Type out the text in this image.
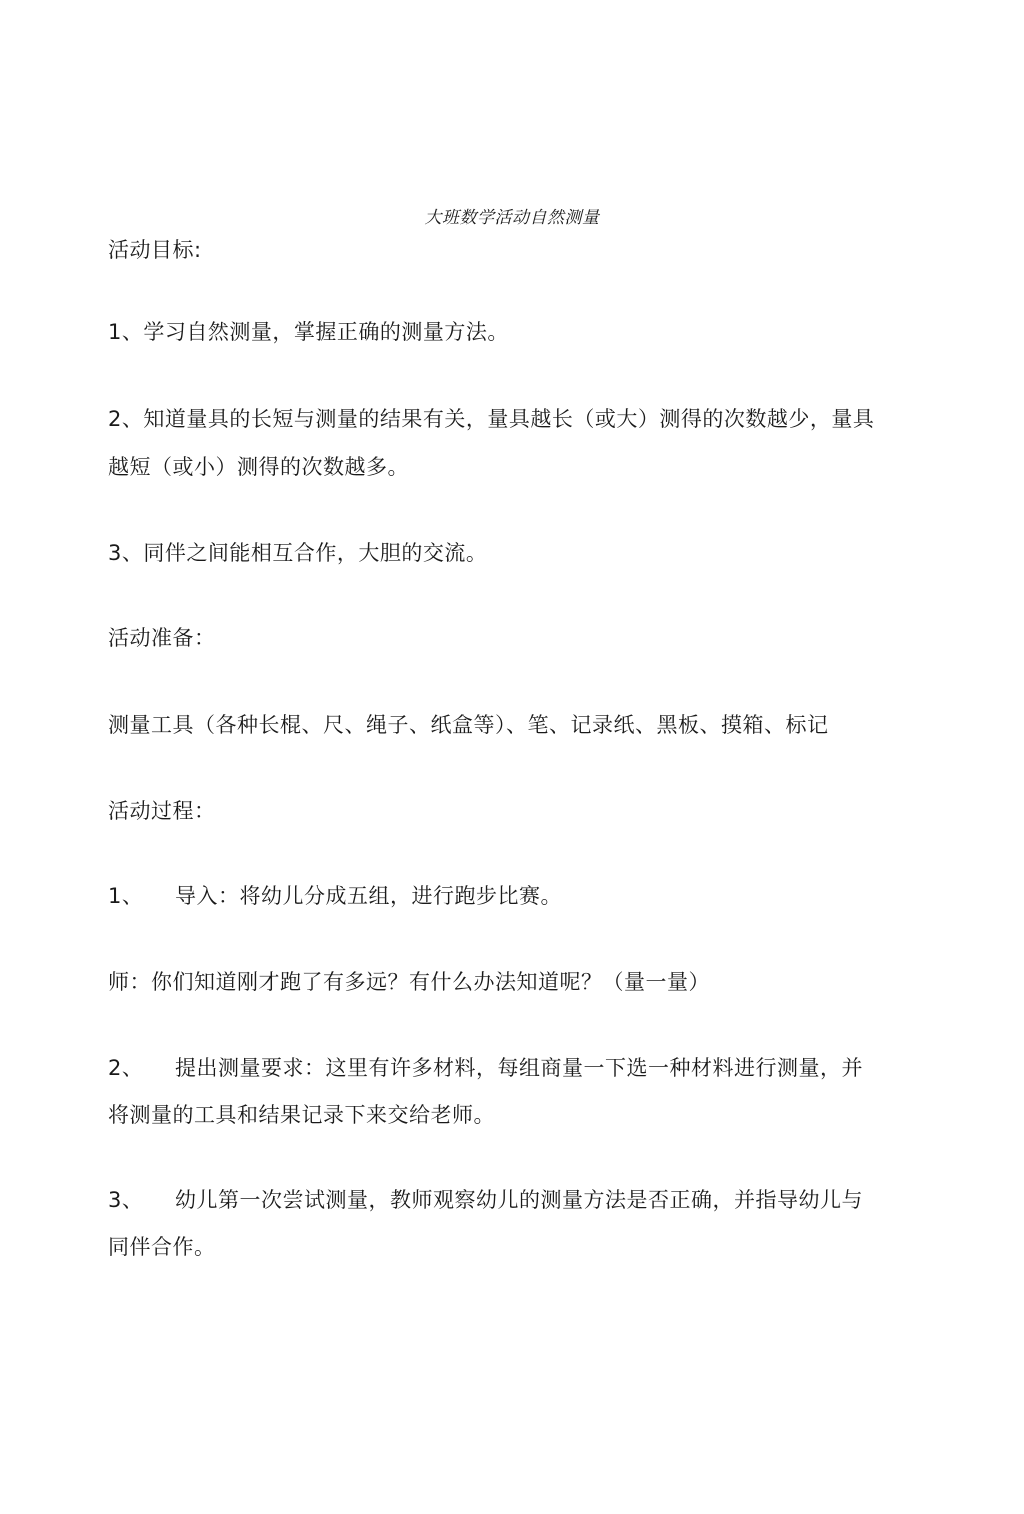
大班数学活动自然测量
活动目标:
1、学习自然测量，掌握正确的测量方法。
2、知道量具的长短与测量的结果有关，量具越长（或大）测得的次数越少，量具
越短（或小）测得的次数越多。
3、同伴之间能相互合作，大胆的交流。
活动准备：
测量工具（各种长棍、尺、绳子、纸盒等）、笔、记录纸、黑板、摸箱、标记
活动过程：
1、 导入：将幼儿分成五组，进行跑步比赛。
师：你们知道刚才跑了有多远？有什么办法知道呢？（量一量）
2、 提出测量要求：这里有许多材料，每组商量一下选一种材料进行测量，并
将测量的工具和结果记录下来交给老师。
3、 幼儿第一次尝试测量，教师观察幼儿的测量方法是否正确，并指导幼儿与
同伴合作。
